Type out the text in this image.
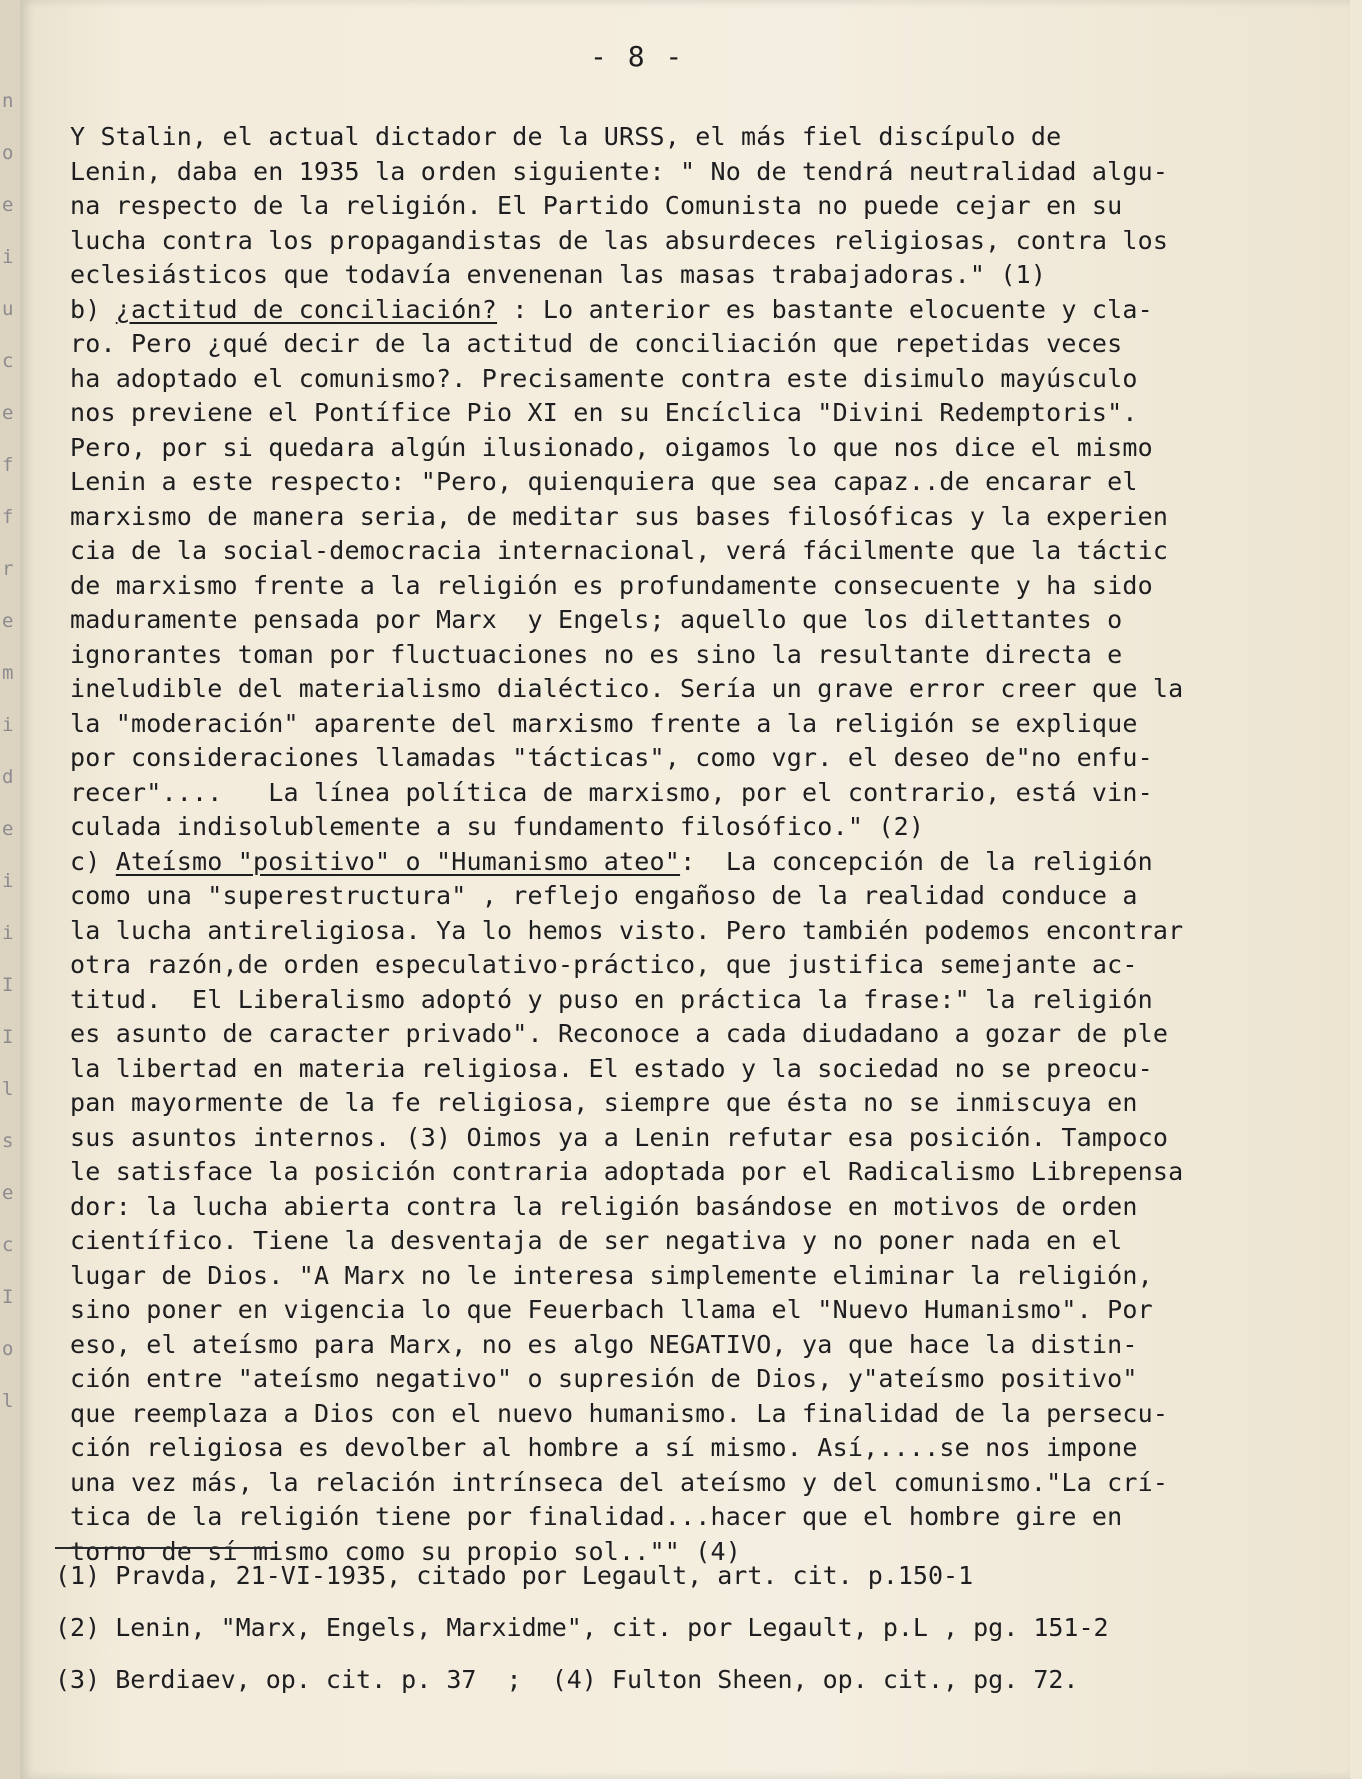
n
o
e
i
u
c
e
f
f
r
e
m
i
d
e
i
i
I
I
l
s
e
c
I
o
l
- 8 -
Y Stalin, el actual dictador de la URSS, el más fiel discípulo de
Lenin, daba en 1935 la orden siguiente: " No de tendrá neutralidad algu-
na respecto de la religión. El Partido Comunista no puede cejar en su
lucha contra los propagandistas de las absurdeces religiosas, contra los
eclesiásticos que todavía envenenan las masas trabajadoras." (1)
b) ¿actitud de conciliación? : Lo anterior es bastante elocuente y cla-
ro. Pero ¿qué decir de la actitud de conciliación que repetidas veces
ha adoptado el comunismo?. Precisamente contra este disimulo mayúsculo
nos previene el Pontífice Pio XI en su Encíclica "Divini Redemptoris".
Pero, por si quedara algún ilusionado, oigamos lo que nos dice el mismo
Lenin a este respecto: "Pero, quienquiera que sea capaz..de encarar el
marxismo de manera seria, de meditar sus bases filosóficas y la experien
cia de la social-democracia internacional, verá fácilmente que la táctic
de marxismo frente a la religión es profundamente consecuente y ha sido
maduramente pensada por Marx  y Engels; aquello que los dilettantes o
ignorantes toman por fluctuaciones no es sino la resultante directa e
ineludible del materialismo dialéctico. Sería un grave error creer que la
la "moderación" aparente del marxismo frente a la religión se explique
por consideraciones llamadas "tácticas", como vgr. el deseo de"no enfu-
recer"....   La línea política de marxismo, por el contrario, está vin-
culada indisolublemente a su fundamento filosófico." (2)
c) Ateísmo "positivo" o "Humanismo ateo":  La concepción de la religión
como una "superestructura" , reflejo engañoso de la realidad conduce a
la lucha antireligiosa. Ya lo hemos visto. Pero también podemos encontrar
otra razón,de orden especulativo-práctico, que justifica semejante ac-
titud.  El Liberalismo adoptó y puso en práctica la frase:" la religión
es asunto de caracter privado". Reconoce a cada diudadano a gozar de ple
la libertad en materia religiosa. El estado y la sociedad no se preocu-
pan mayormente de la fe religiosa, siempre que ésta no se inmiscuya en
sus asuntos internos. (3) Oimos ya a Lenin refutar esa posición. Tampoco
le satisface la posición contraria adoptada por el Radicalismo Librepensa
dor: la lucha abierta contra la religión basándose en motivos de orden
científico. Tiene la desventaja de ser negativa y no poner nada en el
lugar de Dios. "A Marx no le interesa simplemente eliminar la religión,
sino poner en vigencia lo que Feuerbach llama el "Nuevo Humanismo". Por
eso, el ateísmo para Marx, no es algo NEGATIVO, ya que hace la distin-
ción entre "ateísmo negativo" o supresión de Dios, y"ateísmo positivo"
que reemplaza a Dios con el nuevo humanismo. La finalidad de la persecu-
ción religiosa es devolber al hombre a sí mismo. Así,....se nos impone
una vez más, la relación intrínseca del ateísmo y del comunismo."La crí-
tica de la religión tiene por finalidad...hacer que el hombre gire en
torno de sí mismo como su propio sol.."" (4)
(1) Pravda, 21-VI-1935, citado por Legault, art. cit. p.150-1
(2) Lenin, "Marx, Engels, Marxidme", cit. por Legault, p.L , pg. 151-2
(3) Berdiaev, op. cit. p. 37  ;  (4) Fulton Sheen, op. cit., pg. 72.
